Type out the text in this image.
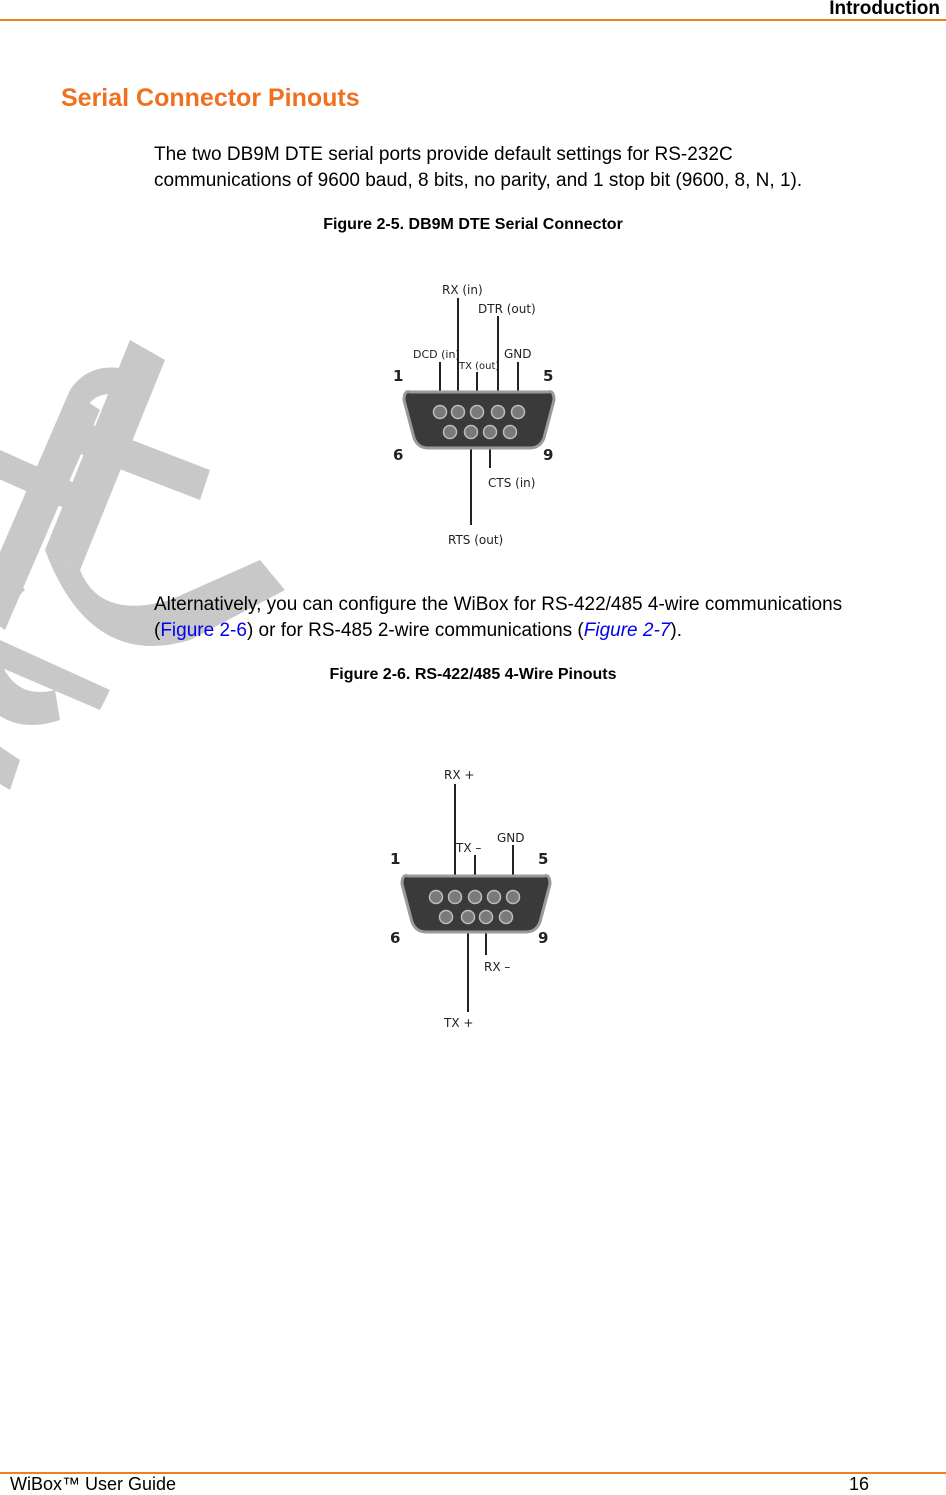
Introduction
Serial Connector Pinouts
The two DB9M DTE serial ports provide default settings for RS-232C
communications of 9600 baud, 8 bits, no parity, and 1 stop bit (9600, 8, N, 1).
Figure 2-5. DB9M DTE Serial Connector
RX (in)
DTR (out)
DCD (in)
TX (out)
GND
CTS (in)
RTS (out)
1	5
6	9
Alternatively, you can configure the WiBox for RS-422/485 4-wire communications
(Figure 2-6) or for RS-485 2-wire communications (Figure 2-7).
Figure 2-6. RS-422/485 4-Wire Pinouts
RX +
TX –
GND
RX –
TX +
1	5
6	9
WiBox™ User Guide	16
